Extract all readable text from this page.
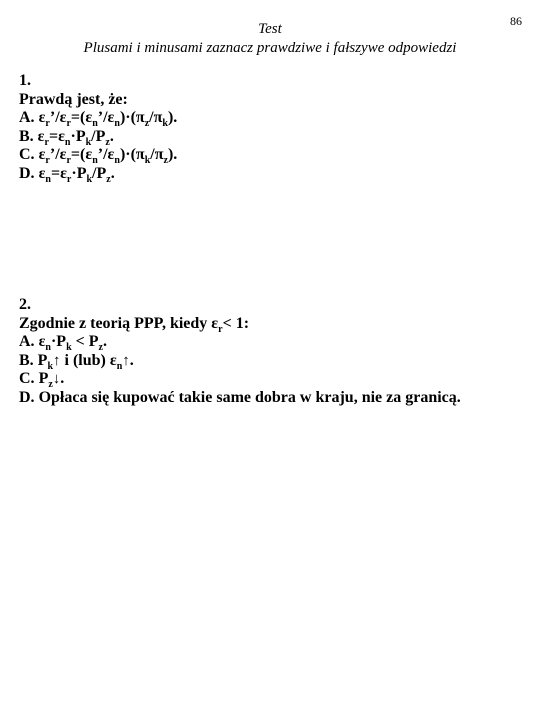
86
Test
Plusami i minusami zaznacz prawdziwe i fałszywe odpowiedzi
1.
Prawdą jest, że:
A. $\varepsilon_r’/\varepsilon_r=(\varepsilon_n’/\varepsilon_n)\cdot(\pi_z/\pi_k)$.
B. $\varepsilon_r=\varepsilon_n\cdot P_k/P_z$.
C. $\varepsilon_r’/\varepsilon_r=(\varepsilon_n’/\varepsilon_n)\cdot(\pi_k/\pi_z)$.
D. $\varepsilon_n=\varepsilon_r\cdot P_k/P_z$.
2.
Zgodnie z teorią PPP, kiedy $\varepsilon_r< 1$:
A. $\varepsilon_n\cdot P_k < P_z$.
B. $P_k↑$ i (lub) $\varepsilon_n↑$.
C. $P_z↓$.
D. Opłaca się kupować takie same dobra w kraju, nie za granicą.
